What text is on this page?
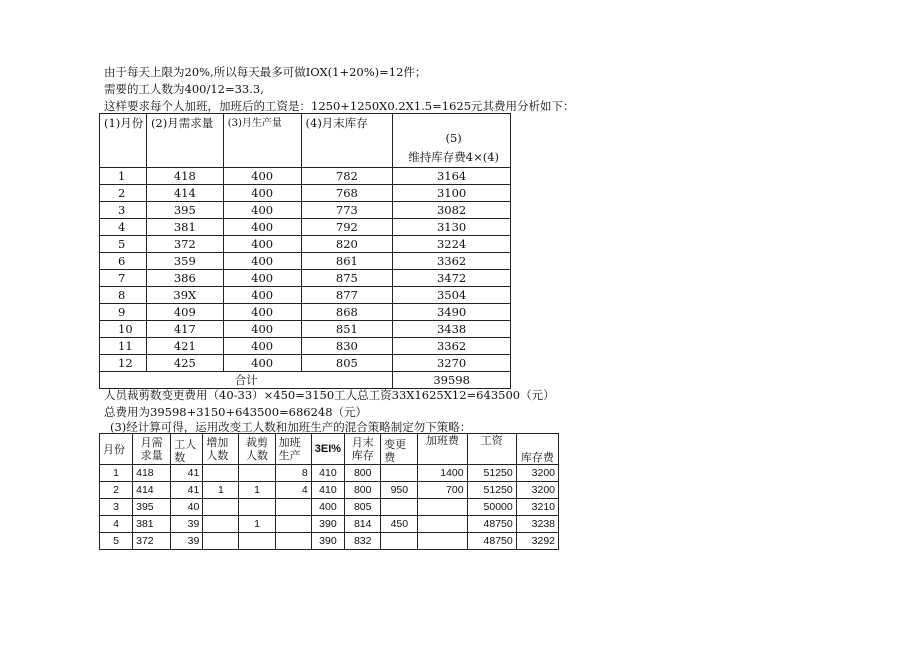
由于每天上限为20%,所以每天最多可做IOX(1+20%)=12件；
需要的工人数为400/12=33.3,
这样要求每个人加班，加班后的工资是：1250+1250X0.2X1.5=1625元其费用分析如下：
(1)月份	(2)月需求量	(3)月生产量	(4)月末库存	(5)
维持库存费4×(4)

1	418	400	782	3164
2	414	400	768	3100
3	395	400	773	3082
4	381	400	792	3130
5	372	400	820	3224
6	359	400	861	3362
7	386	400	875	3472
8	39X	400	877	3504
9	409	400	868	3490
10	417	400	851	3438
11	421	400	830	3362
12	425	400	805	3270
合计				39598
人员裁剪数变更费用（40-33）×450=3150工人总工资33X1625X12=643500（元）
总费用为39598+3150+643500=686248（元）
(3)经计算可得，运用改变工人数和加班生产的混合策略制定勿下策略：
月份	月需求量	工人数	增加人数	裁剪人数	加班生产	3EI%	月末库存	变更费	加班费	工资	库存费
1	418	41			8	410	800		1400	51250	3200
2	414	41	1	1	4	410	800	950	700	51250	3200
3	395	40				400	805			50000	3210
4	381	39		1		390	814	450		48750	3238
5	372	39				390	832			48750	3292
